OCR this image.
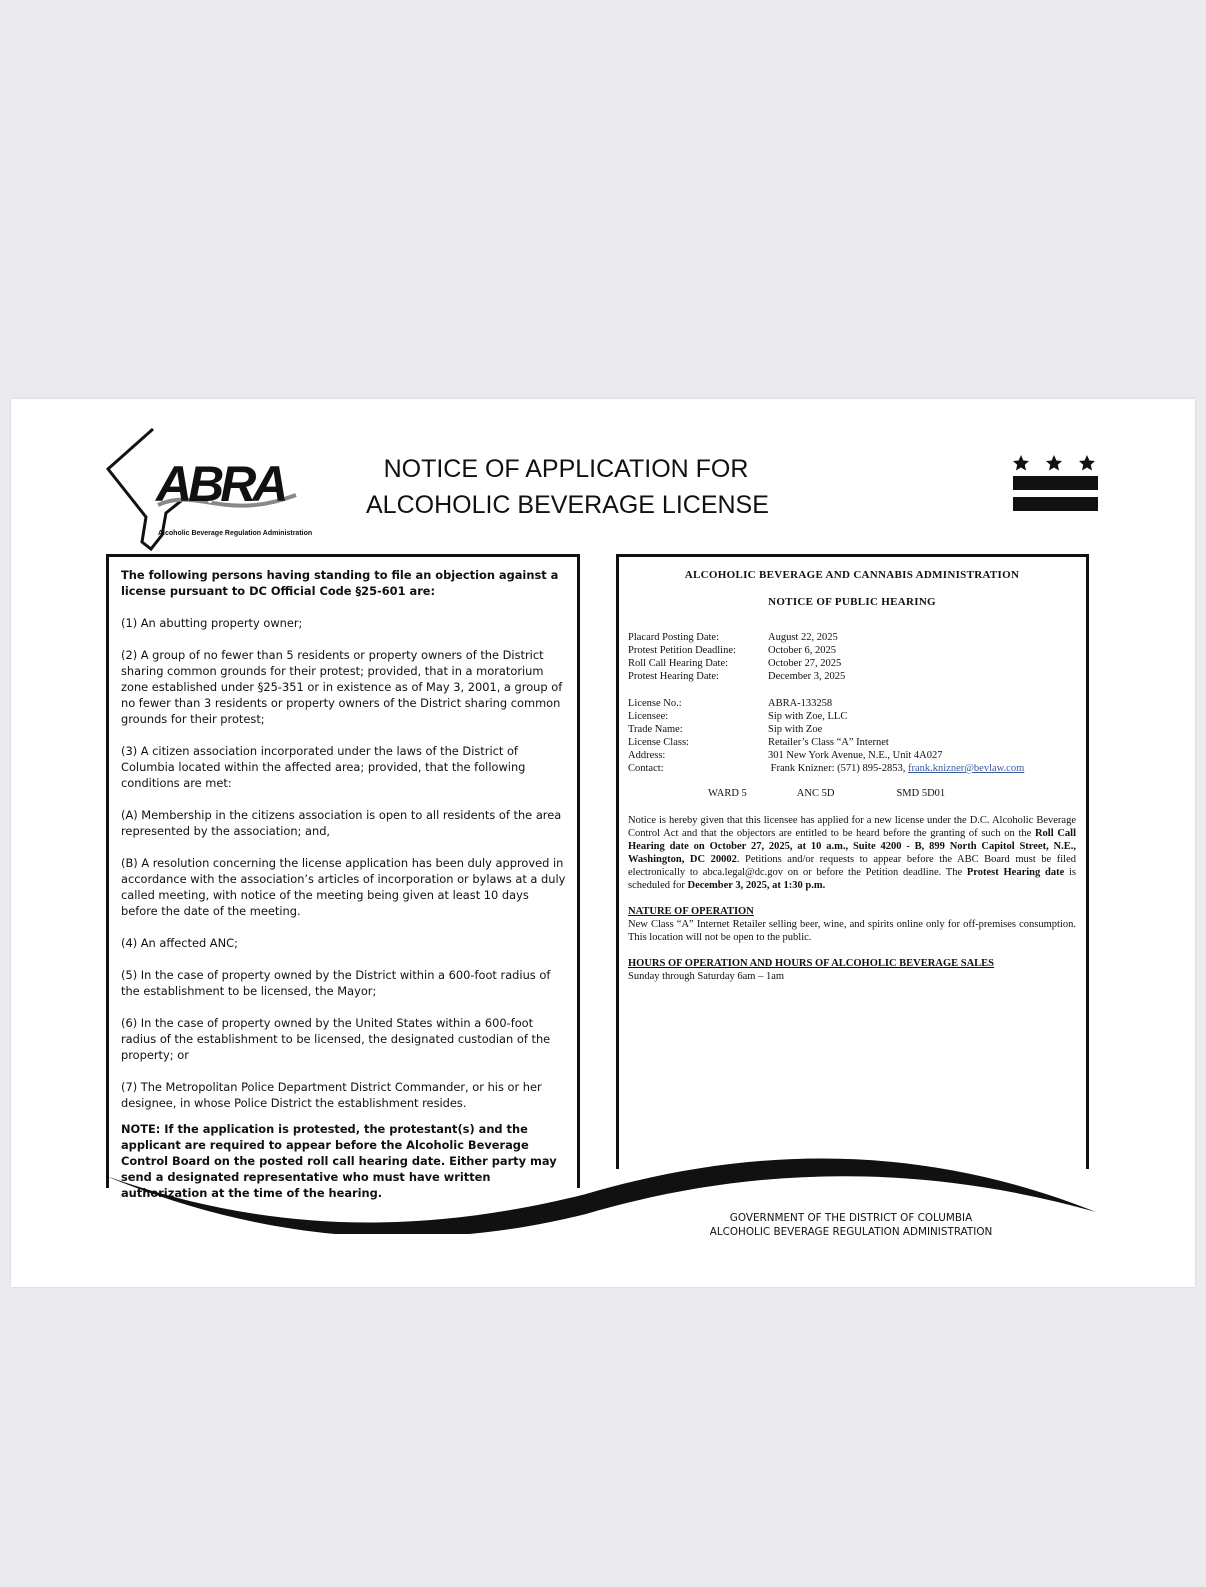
ABRA
Alcoholic Beverage Regulation Administration
NOTICE OF APPLICATION FOR
ALCOHOLIC BEVERAGE LICENSE

The following persons having standing to file an objection against a license pursuant to DC Official Code §25-601 are:

(1) An abutting property owner;

(2) A group of no fewer than 5 residents or property owners of the District sharing common grounds for their protest; provided, that in a moratorium zone established under §25-351 or in existence as of May 3, 2001, a group of no fewer than 3 residents or property owners of the District sharing common grounds for their protest;

(3) A citizen association incorporated under the laws of the District of Columbia located within the affected area; provided, that the following conditions are met:

(A) Membership in the citizens association is open to all residents of the area represented by the association; and,

(B) A resolution concerning the license application has been duly approved in accordance with the association’s articles of incorporation or bylaws at a duly called meeting, with notice of the meeting being given at least 10 days before the date of the meeting.

(4) An affected ANC;

(5) In the case of property owned by the District within a 600-foot radius of the establishment to be licensed, the Mayor;

(6) In the case of property owned by the United States within a 600-foot radius of the establishment to be licensed, the designated custodian of the property; or

(7) The Metropolitan Police Department District Commander, or his or her designee, in whose Police District the establishment resides.

NOTE: If the application is protested, the protestant(s) and the applicant are required to appear before the Alcoholic Beverage Control Board on the posted roll call hearing date. Either party may send a designated representative who must have written authorization at the time of the hearing.

ALCOHOLIC BEVERAGE AND CANNABIS ADMINISTRATION

NOTICE OF PUBLIC HEARING

Placard Posting Date:	August 22, 2025
Protest Petition Deadline:	October 6, 2025
Roll Call Hearing Date:	October 27, 2025
Protest Hearing Date:	December 3, 2025
License No.:	ABRA-133258
Licensee:	Sip with Zoe, LLC
Trade Name:	Sip with Zoe
License Class:	Retailer’s Class “A” Internet
Address:	301 New York Avenue, N.E., Unit 4A027
Contact:	Frank Knizner: (571) 895-2853, frank.knizner@bevlaw.com
WARD 5	ANC 5D	SMD 5D01

Notice is hereby given that this licensee has applied for a new license under the D.C. Alcoholic Beverage Control Act and that the objectors are entitled to be heard before the granting of such on the Roll Call Hearing date on October 27, 2025, at 10 a.m., Suite 4200 - B, 899 North Capitol Street, N.E., Washington, DC 20002. Petitions and/or requests to appear before the ABC Board must be filed electronically to abca.legal@dc.gov on or before the Petition deadline. The Protest Hearing date is scheduled for December 3, 2025, at 1:30 p.m.

NATURE OF OPERATION

New Class “A” Internet Retailer selling beer, wine, and spirits online only for off-premises consumption. This location will not be open to the public.

HOURS OF OPERATION AND HOURS OF ALCOHOLIC BEVERAGE SALES

Sunday through Saturday 6am – 1am

GOVERNMENT OF THE DISTRICT OF COLUMBIA
ALCOHOLIC BEVERAGE REGULATION ADMINISTRATION
